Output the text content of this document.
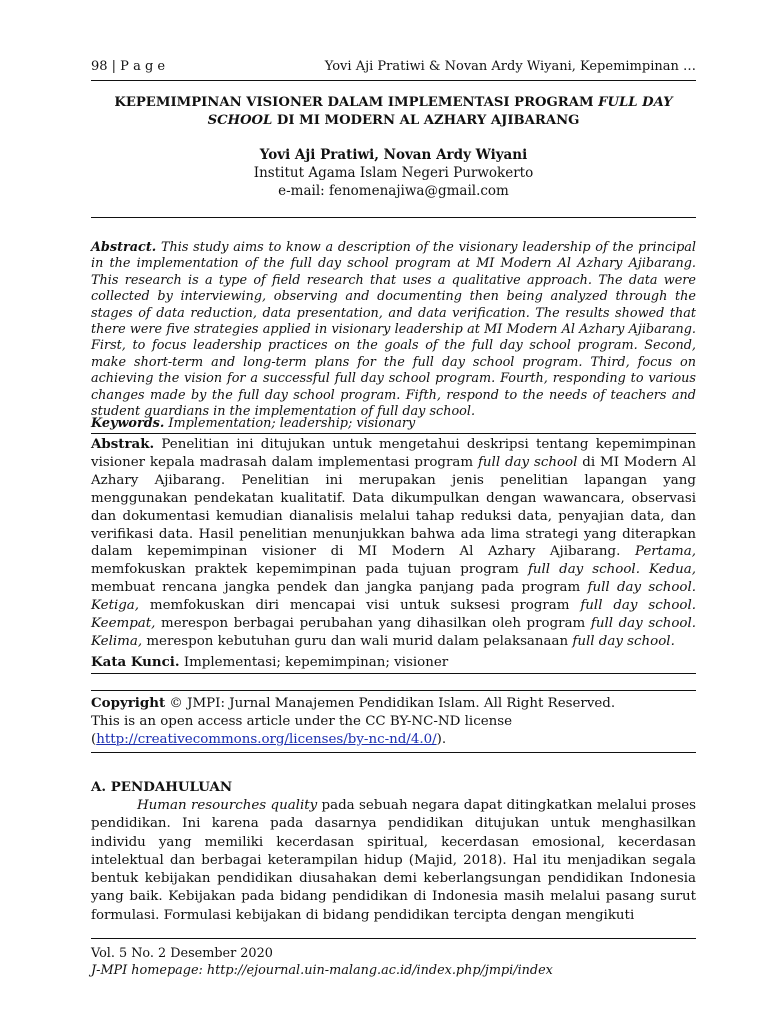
98 | P a g e	Yovi Aji Pratiwi & Novan Ardy Wiyani, Kepemimpinan …
KEPEMIMPINAN VISIONER DALAM IMPLEMENTASI PROGRAM FULL DAY SCHOOL DI MI MODERN AL AZHARY AJIBARANG
Yovi Aji Pratiwi, Novan Ardy Wiyani
Institut Agama Islam Negeri Purwokerto
e-mail: fenomenajiwa@gmail.com
Abstract. This study aims to know a description of the visionary leadership of the principal in the implementation of the full day school program at MI Modern Al Azhary Ajibarang. This research is a type of field research that uses a qualitative approach. The data were collected by interviewing, observing and documenting then being analyzed through the stages of data reduction, data presentation, and data verification. The results showed that there were five strategies applied in visionary leadership at MI Modern Al Azhary Ajibarang. First, to focus leadership practices on the goals of the full day school program. Second, make short-term and long-term plans for the full day school program. Third, focus on achieving the vision for a successful full day school program. Fourth, responding to various changes made by the full day school program. Fifth, respond to the needs of teachers and student guardians in the implementation of full day school.
Keywords. Implementation; leadership; visionary
Abstrak. Penelitian ini ditujukan untuk mengetahui deskripsi tentang kepemimpinan visioner kepala madrasah dalam implementasi program full day school di MI Modern Al Azhary Ajibarang. Penelitian ini merupakan jenis penelitian lapangan yang menggunakan pendekatan kualitatif. Data dikumpulkan dengan wawancara, observasi dan dokumentasi kemudian dianalisis melalui tahap reduksi data, penyajian data, dan verifikasi data. Hasil penelitian menunjukkan bahwa ada lima strategi yang diterapkan dalam kepemimpinan visioner di MI Modern Al Azhary Ajibarang. Pertama, memfokuskan praktek kepemimpinan pada tujuan program full day school. Kedua, membuat rencana jangka pendek dan jangka panjang pada program full day school. Ketiga, memfokuskan diri mencapai visi untuk suksesi program full day school. Keempat, merespon berbagai perubahan yang dihasilkan oleh program full day school. Kelima, merespon kebutuhan guru dan wali murid dalam pelaksanaan full day school.
Kata Kunci. Implementasi; kepemimpinan; visioner
Copyright © JMPI: Jurnal Manajemen Pendidikan Islam. All Right Reserved.
This is an open access article under the CC BY-NC-ND license
(http://creativecommons.org/licenses/by-nc-nd/4.0/).
A. PENDAHULUAN
Human resourches quality pada sebuah negara dapat ditingkatkan melalui proses pendidikan. Ini karena pada dasarnya pendidikan ditujukan untuk menghasilkan individu yang memiliki kecerdasan spiritual, kecerdasan emosional, kecerdasan intelektual dan berbagai keterampilan hidup (Majid, 2018). Hal itu menjadikan segala bentuk kebijakan pendidikan diusahakan demi keberlangsungan pendidikan Indonesia yang baik. Kebijakan pada bidang pendidikan di Indonesia masih melalui pasang surut formulasi. Formulasi kebijakan di bidang pendidikan tercipta dengan mengikuti
Vol. 5 No. 2 Desember 2020
J-MPI homepage: http://ejournal.uin-malang.ac.id/index.php/jmpi/index
